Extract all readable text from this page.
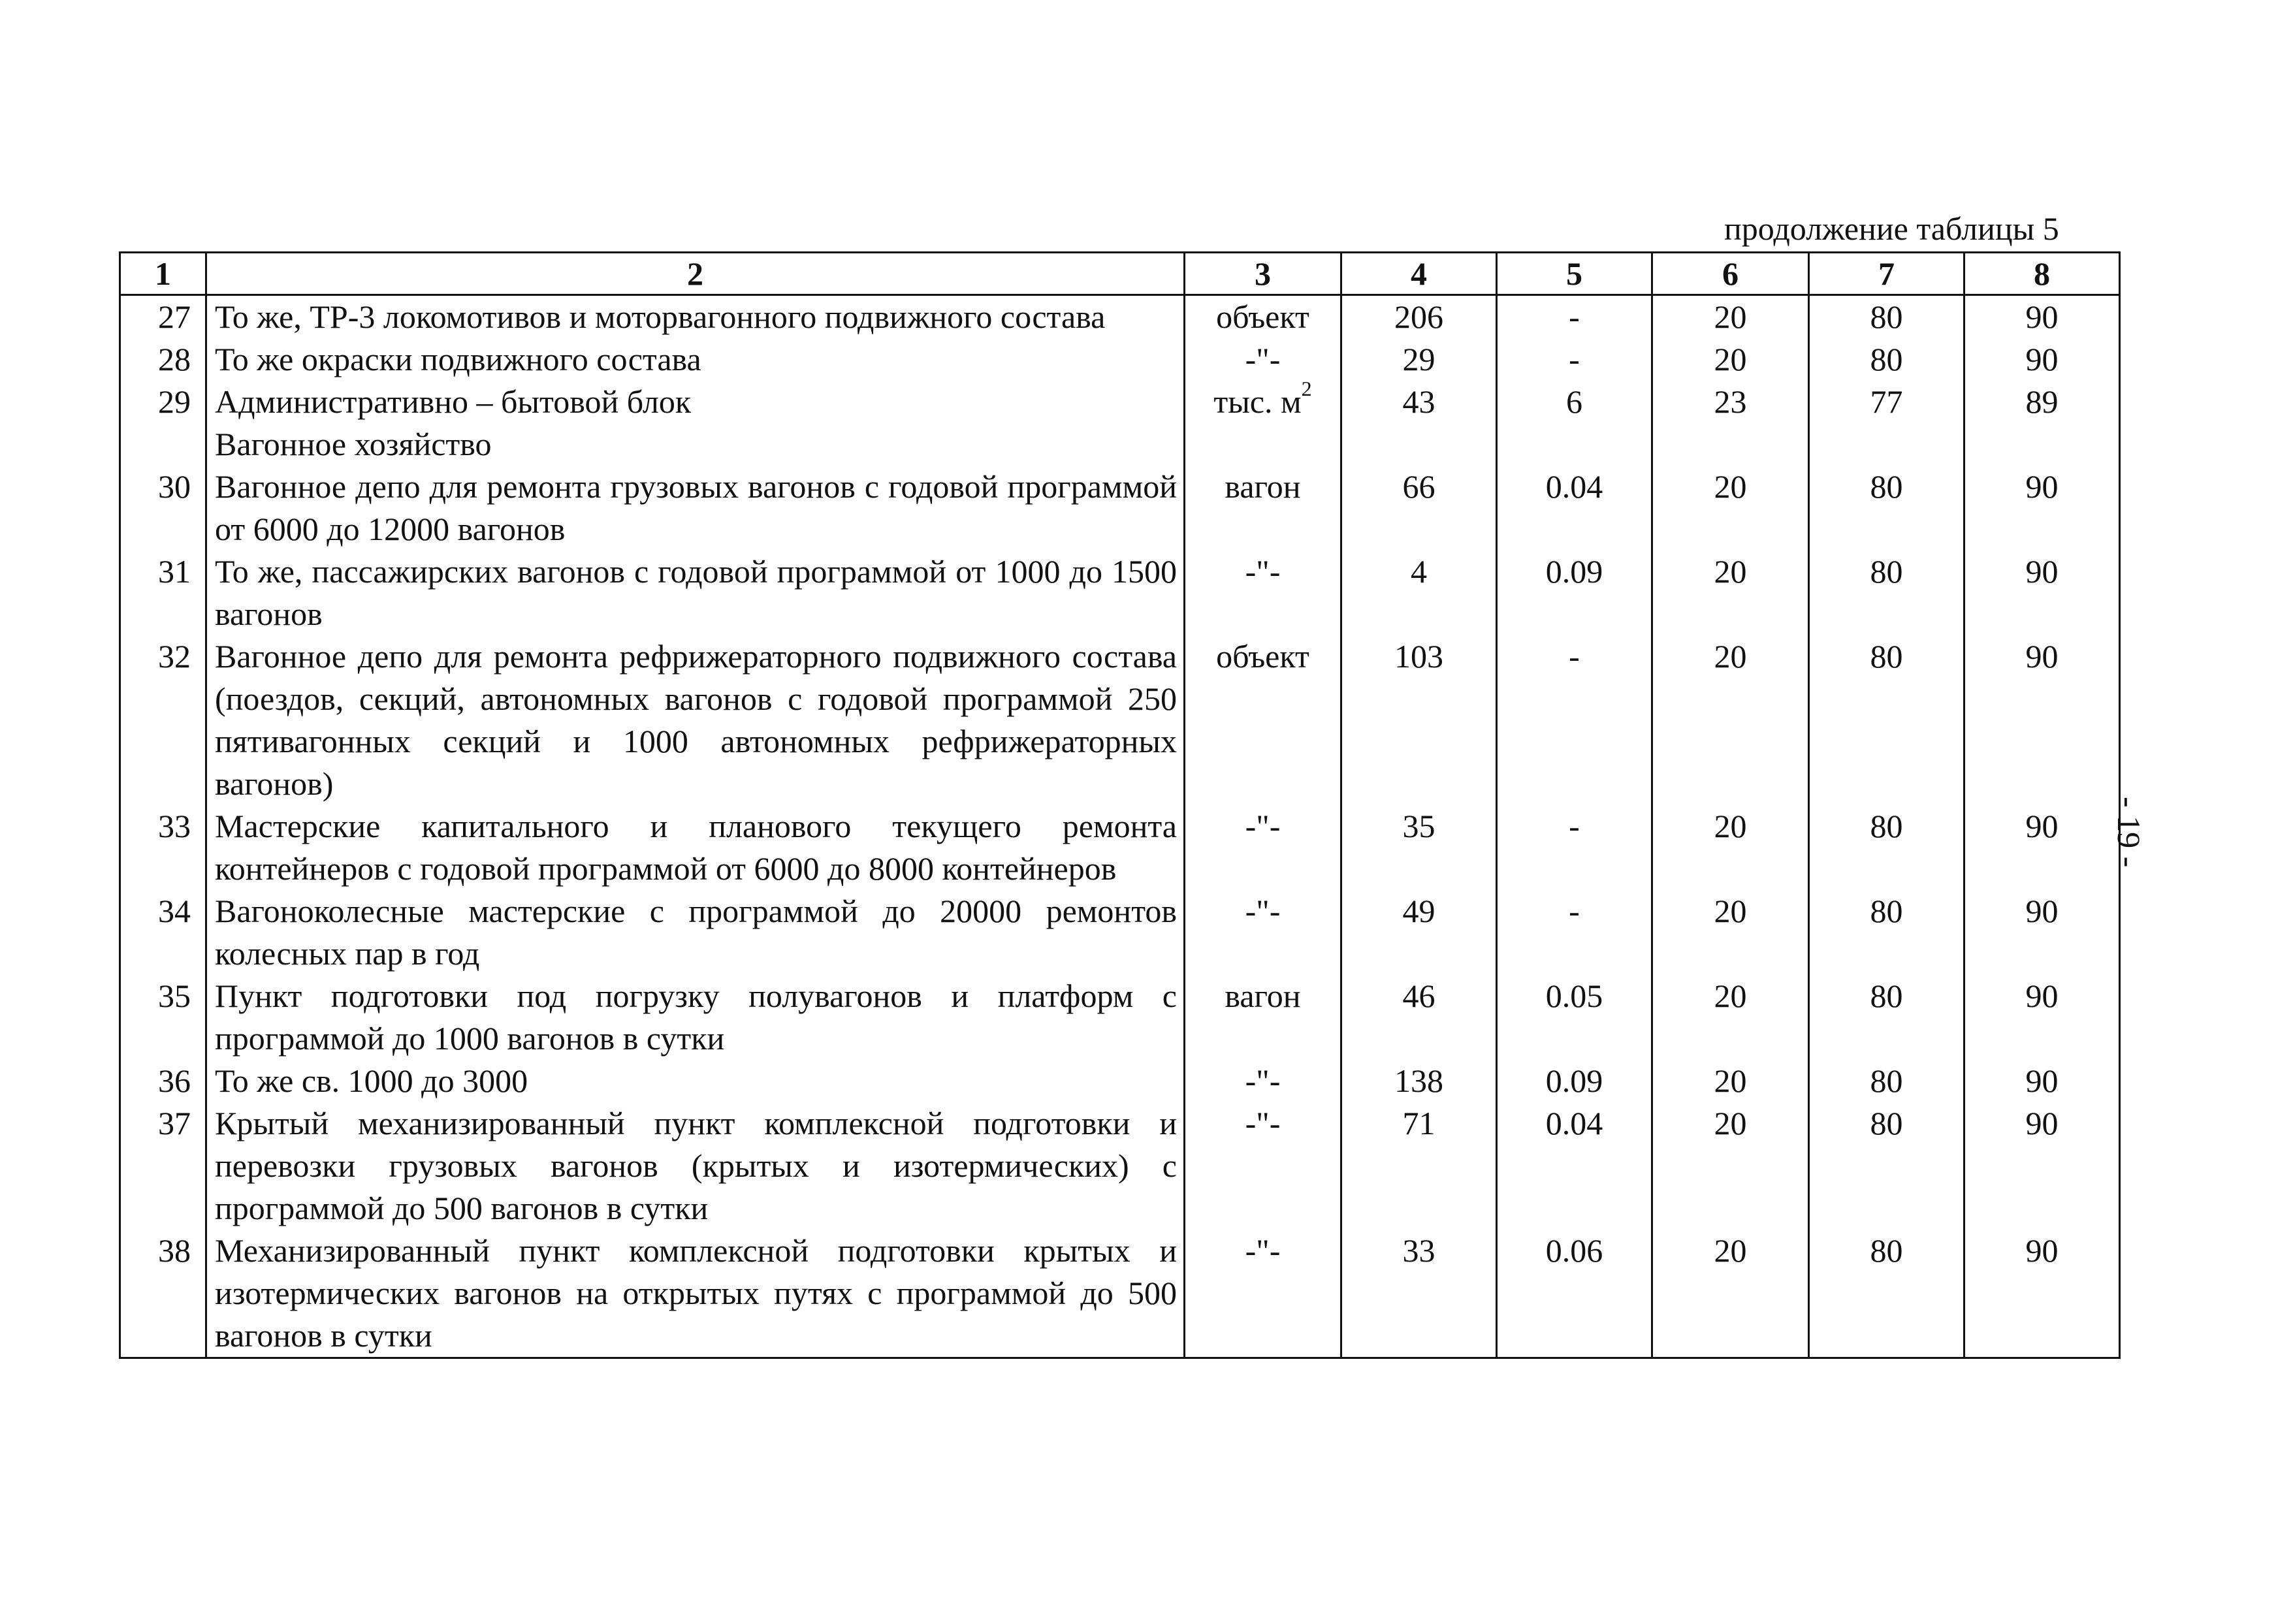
продолжение таблицы 5
1	2	3	4	5	6	7	8
27	То же, ТР-3 локомотивов и моторвагонного подвижного состава	объект	206	-	20	80	90
28	То же окраски подвижного состава	-"-	29	-	20	80	90
29	Административно – бытовой блок	тыс. $м^2$	43	6	23	77	89
	Вагонное хозяйство						
30	Вагонное депо для ремонта грузовых вагонов с годовой программой от 6000 до 12000 вагонов	вагон	66	0.04	20	80	90
31	То же, пассажирских вагонов с годовой программой от 1000 до 1500 вагонов	-"-	4	0.09	20	80	90
32	Вагонное депо для ремонта рефрижераторного подвижного состава (поездов, секций, автономных вагонов с годовой программой 250 пятивагонных секций и 1000 автономных рефрижераторных вагонов)	объект	103	-	20	80	90
33	Мастерские капитального и планового текущего ремонта контейнеров с годовой программой от 6000 до 8000 контейнеров	-"-	35	-	20	80	90
34	Вагоноколесные мастерские с программой до 20000 ремонтов колесных пар в год	-"-	49	-	20	80	90
35	Пункт подготовки под погрузку полувагонов и платформ с программой до 1000 вагонов в сутки	вагон	46	0.05	20	80	90
36	То же св. 1000 до 3000	-"-	138	0.09	20	80	90
37	Крытый механизированный пункт комплексной подготовки и перевозки грузовых вагонов (крытых и изотермических) с программой до 500 вагонов в сутки	-"-	71	0.04	20	80	90
38	Механизированный пункт комплексной подготовки крытых и изотермических вагонов на открытых путях с программой до 500 вагонов в сутки	-"-	33	0.06	20	80	90
- 19 -
